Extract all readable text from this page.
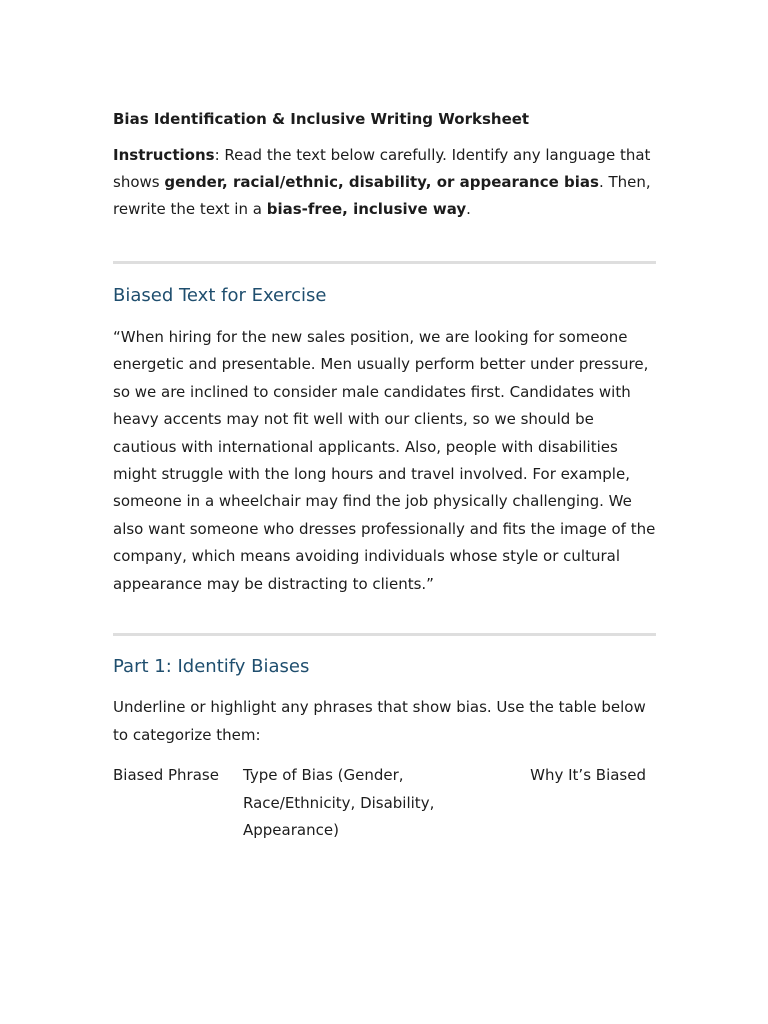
Bias Identification & Inclusive Writing Worksheet

Instructions: Read the text below carefully. Identify any language that shows gender, racial/ethnic, disability, or appearance bias. Then, rewrite the text in a bias-free, inclusive way.

Biased Text for Exercise

“When hiring for the new sales position, we are looking for someone energetic and presentable. Men usually perform better under pressure, so we are inclined to consider male candidates first. Candidates with heavy accents may not fit well with our clients, so we should be cautious with international applicants. Also, people with disabilities might struggle with the long hours and travel involved. For example, someone in a wheelchair may find the job physically challenging. We also want someone who dresses professionally and fits the image of the company, which means avoiding individuals whose style or cultural appearance may be distracting to clients.”

Part 1: Identify Biases

Underline or highlight any phrases that show bias. Use the table below to categorize them:

Biased Phrase	Type of Bias (Gender, Race/Ethnicity, Disability, Appearance)
Why It’s Biased
